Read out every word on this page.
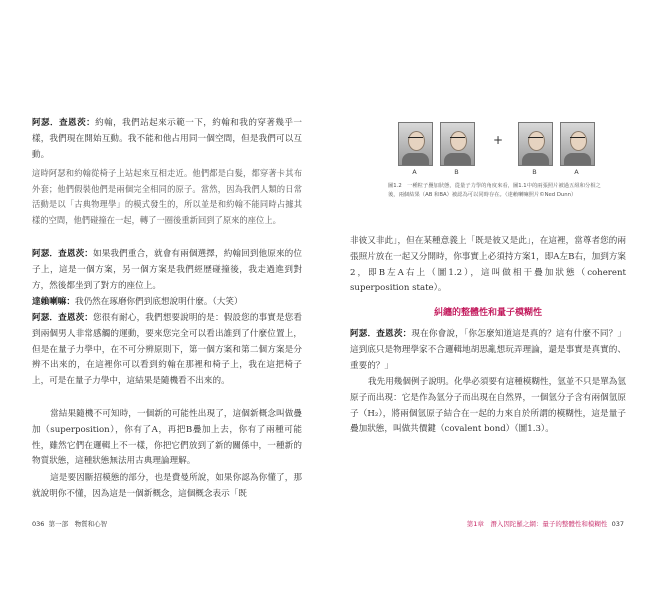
阿瑟．查恩茨：約翰，我們站起來示範一下，約翰和我的穿著幾乎一樣，我們現在開始互動。我不能和他占用同一個空間，但是我們可以互動。

這時阿瑟和約翰從椅子上站起來互相走近。他們都是白髮，都穿著卡其布外套；他們假裝他們是兩個完全相同的原子。當然，因為我們人類的日常活動是以「古典物理學」的模式發生的，所以並是和約翰不能同時占據其樣的空間，他們碰撞在一起，轉了一圈後重新回到了原來的座位上。

阿瑟．查恩茨：如果我們重合，就會有兩個選擇，約翰回到他原來的位子上，這是一個方案，另一個方案是我們經歷碰撞後，我走過進到對方，然後都坐到了對方的座位上。

達賴喇嘛：我仍然在琢磨你們到底想說明什麼。（大笑）

阿瑟．查恩茨：您很有耐心，我們想要說明的是：假設您的事實是您看到兩個男人非常感觸的運動，要來您完全可以看出誰到了什麼位置上，但是在量子力學中，在不可分辨原則下，第一個方案和第二個方案是分辨不出來的，在這裡你可以看到約翰在那裡和椅子上，我在這把椅子上，可是在量子力學中，這結果是隨機看不出來的。

當結果隨機不可知時，一個新的可能性出現了，這個新概念叫做疊加（superposition），你有了A，再把B疊加上去，你有了兩種可能性，雖然它們在邏輯上不一樣，你把它們放到了新的關係中，一種新的物質狀態，這種狀態無法用古典理論理解。

這是要因斷招模態的部分，也是費曼所說，如果你認為你懂了，那就說明你不懂，因為這是一個新概念，這個概念表示「既

036 第一部　物質和心智
+
A	B	B	A
圖1.2　一種粒子疊加狀態，從量子力學的角度來看，圖1.1中的兩張照片被過五組和分相之後，兩個結果（AB 和BA）被認為可以同時存在。（達賴喇嘛照片©Ned Dunn）

非彼又非此」，但在某種意義上「既是彼又是此」，在這裡，當尊者您的兩張照片放在一起又分開時，你事實上必須持方案1，即A左B右，加到方案2，即B左A右上（圖1.2），這叫做相干疊加狀態（coherent superposition state）。

糾纏的整體性和量子模糊性

阿瑟．查恩茨：現在你會說，「你怎麼知道這是真的？這有什麼不同？」這到底只是物理學家不合邏輯地胡思亂想玩弄理論，還是事實是真實的、重要的？」

我先用幾個例子說明。化學必須要有這種模糊性，氫並不只是單為氫原子而出現：它是作為氫分子而出現在自然界，一個氫分子含有兩個氫原子（H₂），將兩個氫原子結合在一起的力來自於所謂的模糊性，這是量子疊加狀態，叫做共價鍵（covalent bond）（圖1.3）。

第1章　潛入因陀羅之網：量子的整體性和模糊性 037
